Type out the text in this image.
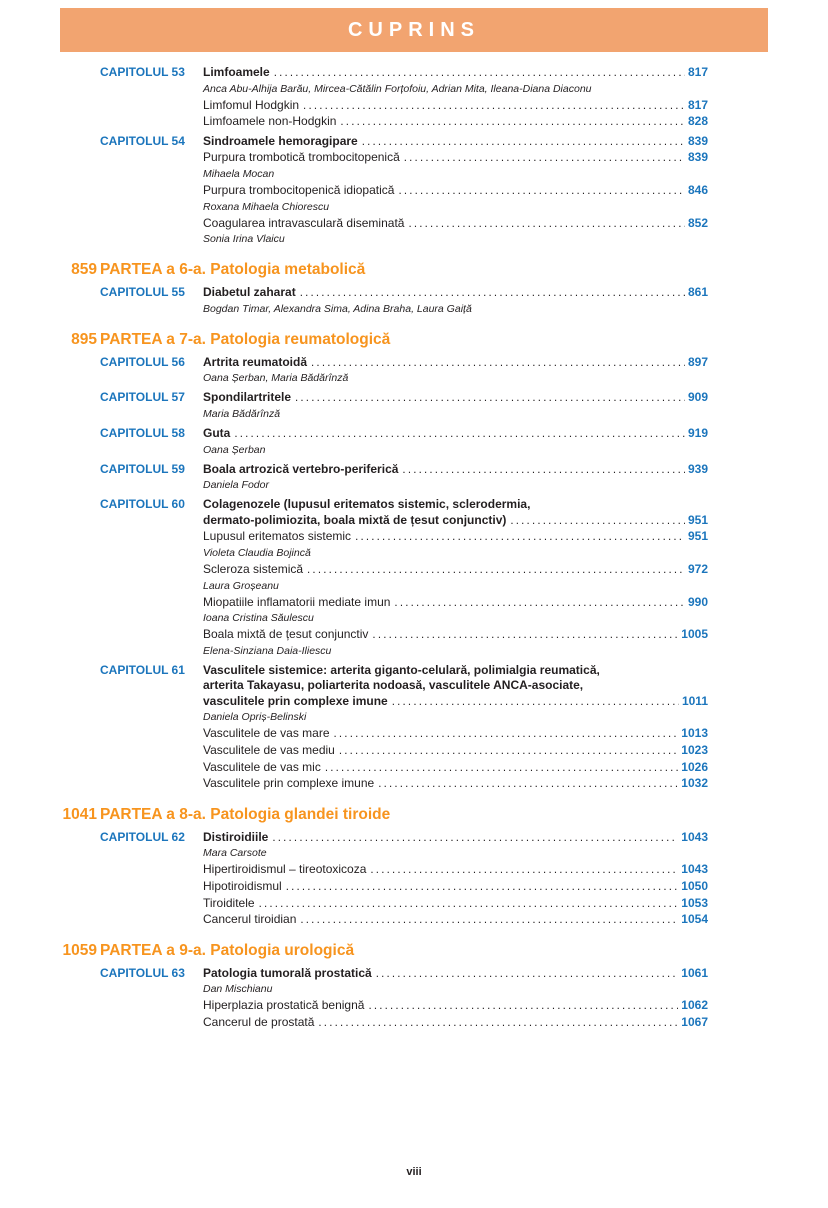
CUPRINS
CAPITOLUL 53	Limfoamele .....	817
Anca Abu-Alhija Barău, Mircea-Cătălin Forțofoiu, Adrian Mita, Ileana-Diana Diaconu
Limfomul Hodgkin .....	817
Limfoamele non-Hodgkin .....	828
CAPITOLUL 54	Sindroamele hemoragipare .....	839
Purpura trombotică trombocitopenică .....	839
Mihaela Mocan
Purpura trombocitopenică idiopatică .....	846
Roxana Mihaela Chiorescu
Coagularea intravasculară diseminată .....	852
Sonia Irina Vlaicu
859 PARTEA a 6-a. Patologia metabolică
CAPITOLUL 55	Diabetul zaharat .....	861
Bogdan Timar, Alexandra Sima, Adina Braha, Laura Gaiță
895 PARTEA a 7-a. Patologia reumatologică
CAPITOLUL 56	Artrita reumatoidă .....	897
Oana Șerban, Maria Bădărînză
CAPITOLUL 57	Spondilartritele .....	909
Maria Bădărînză
CAPITOLUL 58	Guta .....	919
Oana Șerban
CAPITOLUL 59	Boala artrozică vertebro-periferică .....	939
Daniela Fodor
CAPITOLUL 60	Colagenozele (lupusul eritematos sistemic, sclerodermia,
dermato-polimiozita, boala mixtă de țesut conjunctiv) .....	951
Lupusul eritematos sistemic .....	951
Violeta Claudia Bojincă
Scleroza sistemică .....	972
Laura Groșeanu
Miopatiile inflamatorii mediate imun .....	990
Ioana Cristina Săulescu
Boala mixtă de țesut conjunctiv .....	1005
Elena-Sinziana Daia-Iliescu
CAPITOLUL 61	Vasculitele sistemice: arterita giganto-celulară, polimialgia reumatică,
arterita Takayasu, poliarterita nodoasă, vasculitele ANCA-asociate,
vasculitele prin complexe imune .....	1011
Daniela Opriș-Belinski
Vasculitele de vas mare .....	1013
Vasculitele de vas mediu .....	1023
Vasculitele de vas mic .....	1026
Vasculitele prin complexe imune .....	1032
1041 PARTEA a 8-a. Patologia glandei tiroide
CAPITOLUL 62	Distiroidiile .....	1043
Mara Carsote
Hipertiroidismul – tireotoxicoza .....	1043
Hipotiroidismul .....	1050
Tiroiditele .....	1053
Cancerul tiroidian .....	1054
1059 PARTEA a 9-a. Patologia urologică
CAPITOLUL 63	Patologia tumorală prostatică .....	1061
Dan Mischianu
Hiperplazia prostatică benignă .....	1062
Cancerul de prostată .....	1067
viii
